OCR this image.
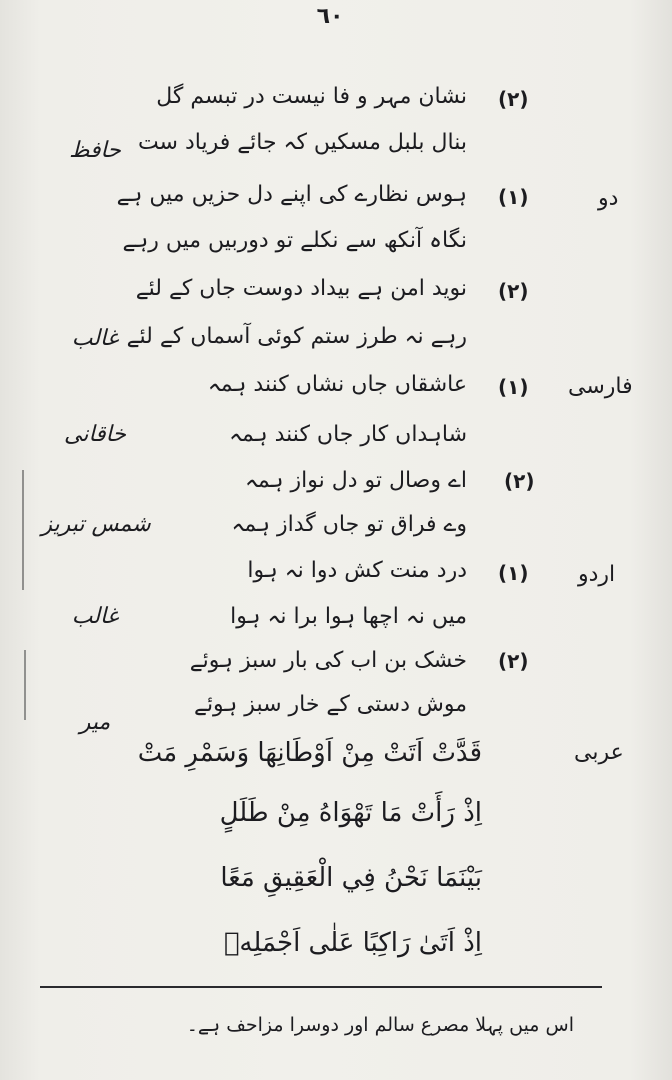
٦٠
نشان مہر و فا نیست در تبسم گل
بنال بلبل مسکیں کہ جائے فریاد ست
ہوس نظارے کی اپنے دل حزیں میں ہے
نگاہ آنکھ سے نکلے تو دوربیں میں رہے
نوید امن ہے بیداد دوست جاں کے لئے
رہے نہ طرز ستم کوئی آسماں کے لئے
عاشقاں جاں نشاں کنند ہمہ
شاہداں کار جاں کنند ہمہ
اے وصال تو دل نواز ہمہ
وے فراق تو جاں گداز ہمہ
درد منت کش دوا نہ ہوا
میں نہ اچھا ہوا برا نہ ہوا
خشک بن اب کی بار سبز ہوئے
موش دستی کے خار سبز ہوئے
قَدَّتْ اَتَتْ مِنْ اَوْطَانِهَا وَسَمْرِ مَتْ
اِذْ رَأَتْ مَا تَهْوَاهُ مِنْ طَلَلٍ
بَيْنَمَا نَحْنُ فِي الْعَقِيقِ مَعًا
اِذْ اَتَیٰ رَاكِبًا عَلٰی اَجْمَلِهٖ
(۲)
(۱)
(۲)
(۱)
(۲)
(۱)
(۲)
دو
فارسی
اردو
عربی
حافظ
غالب
خاقانی
شمس تبریز
غالب
میر
اس میں پہلا مصرع سالم اور دوسرا مزاحف ہے۔
